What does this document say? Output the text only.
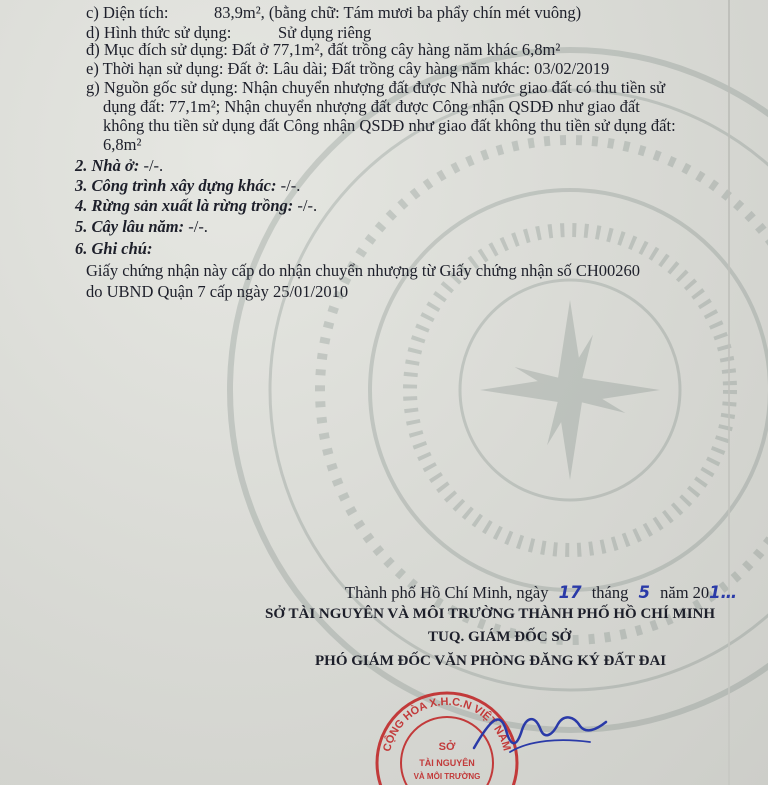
c) Diện tích:	83,9m², (bằng chữ: Tám mươi ba phẩy chín mét vuông)
d) Hình thức sử dụng:	Sử dụng riêng
đ) Mục đích sử dụng: Đất ở 77,1m², đất trồng cây hàng năm khác 6,8m²
e) Thời hạn sử dụng: Đất ở: Lâu dài; Đất trồng cây hàng năm khác: 03/02/2019
g) Nguồn gốc sử dụng: Nhận chuyển nhượng đất được Nhà nước giao đất có thu tiền sử
dụng đất: 77,1m²; Nhận chuyển nhượng đất được Công nhận QSDĐ như giao đất
không thu tiền sử dụng đất Công nhận QSDĐ như giao đất không thu tiền sử dụng đất:
6,8m²
2. Nhà ở: -/-.
3. Công trình xây dựng khác: -/-.
4. Rừng sản xuất là rừng trồng: -/-.
5. Cây lâu năm: -/-.
6. Ghi chú:
Giấy chứng nhận này cấp do nhận chuyển nhượng từ Giấy chứng nhận số CH00260
do UBND Quận 7 cấp ngày 25/01/2010
Thành phố Hồ Chí Minh, ngày 17 tháng 5 năm 201…
SỞ TÀI NGUYÊN VÀ MÔI TRƯỜNG THÀNH PHỐ HỒ CHÍ MINH
TUQ. GIÁM ĐỐC SỞ
PHÓ GIÁM ĐỐC VĂN PHÒNG ĐĂNG KÝ ĐẤT ĐAI
CỘNG HÒA X.H.C.N VIỆT NAM
SỞ
TÀI NGUYÊN
VÀ MÔI TRƯỜNG
